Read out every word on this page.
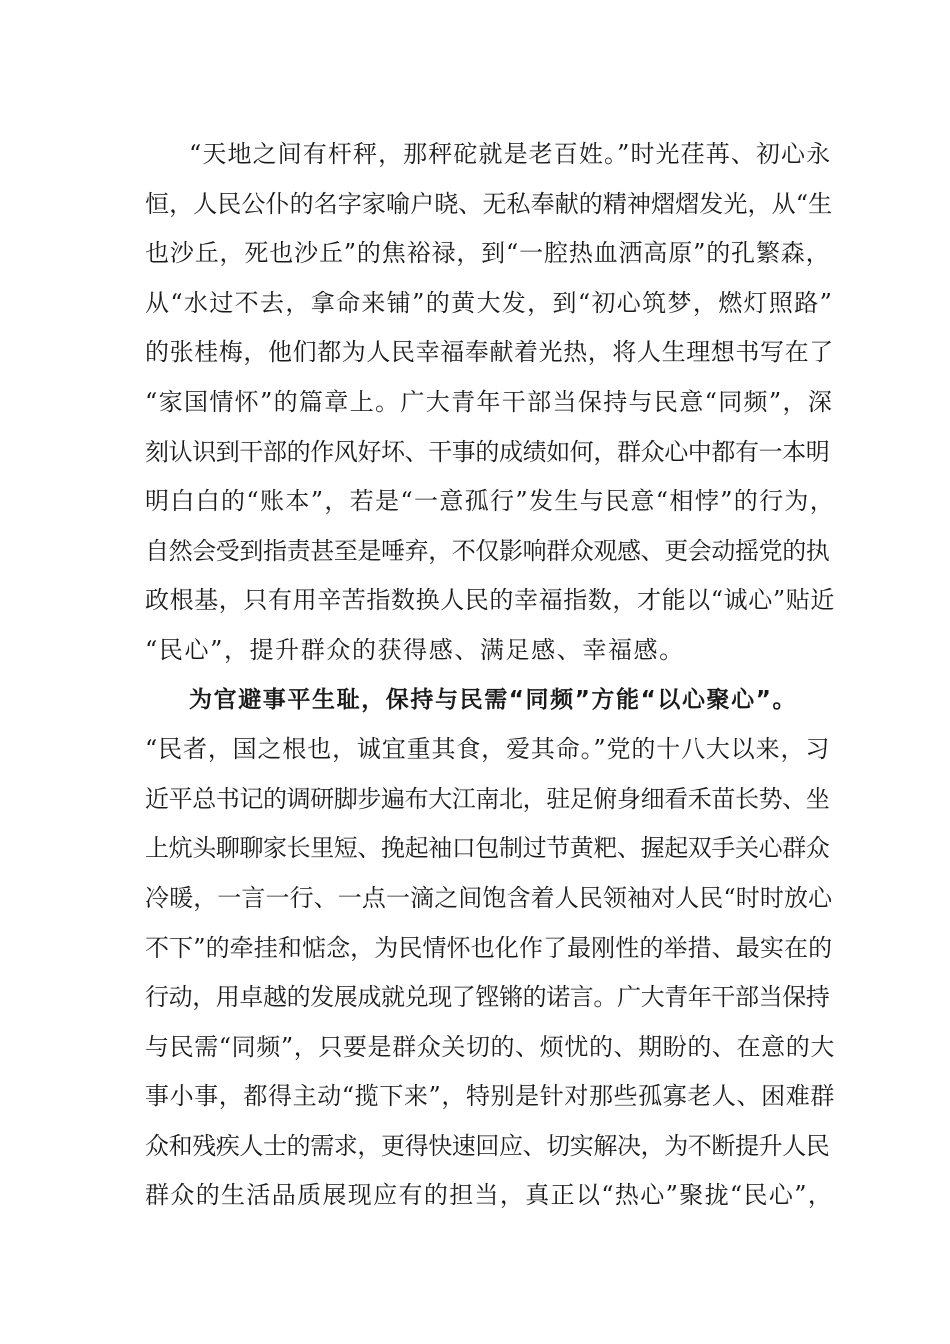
“天地之间有杆秤，那秤砣就是老百姓。”时光荏苒、初心永
恒，人民公仆的名字家喻户晓、无私奉献的精神熠熠发光，从“生
也沙丘，死也沙丘”的焦裕禄，到“一腔热血洒高原”的孔繁森，
从“水过不去，拿命来铺”的黄大发，到“初心筑梦，燃灯照路”
的张桂梅，他们都为人民幸福奉献着光热，将人生理想书写在了
“家国情怀”的篇章上。广大青年干部当保持与民意“同频”，深
刻认识到干部的作风好坏、干事的成绩如何，群众心中都有一本明
明白白的“账本”，若是“一意孤行”发生与民意“相悖”的行为，
自然会受到指责甚至是唾弃，不仅影响群众观感、更会动摇党的执
政根基，只有用辛苦指数换人民的幸福指数，才能以“诚心”贴近
“民心”，提升群众的获得感、满足感、幸福感。
为官避事平生耻，保持与民需“同频”方能“以心聚心”。
“民者，国之根也，诚宜重其食，爱其命。”党的十八大以来，习
近平总书记的调研脚步遍布大江南北，驻足俯身细看禾苗长势、坐
上炕头聊聊家长里短、挽起袖口包制过节黄粑、握起双手关心群众
冷暖，一言一行、一点一滴之间饱含着人民领袖对人民“时时放心
不下”的牵挂和惦念，为民情怀也化作了最刚性的举措、最实在的
行动，用卓越的发展成就兑现了铿锵的诺言。广大青年干部当保持
与民需“同频”，只要是群众关切的、烦忧的、期盼的、在意的大
事小事，都得主动“揽下来”，特别是针对那些孤寡老人、困难群
众和残疾人士的需求，更得快速回应、切实解决，为不断提升人民
群众的生活品质展现应有的担当，真正以“热心”聚拢“民心”，
